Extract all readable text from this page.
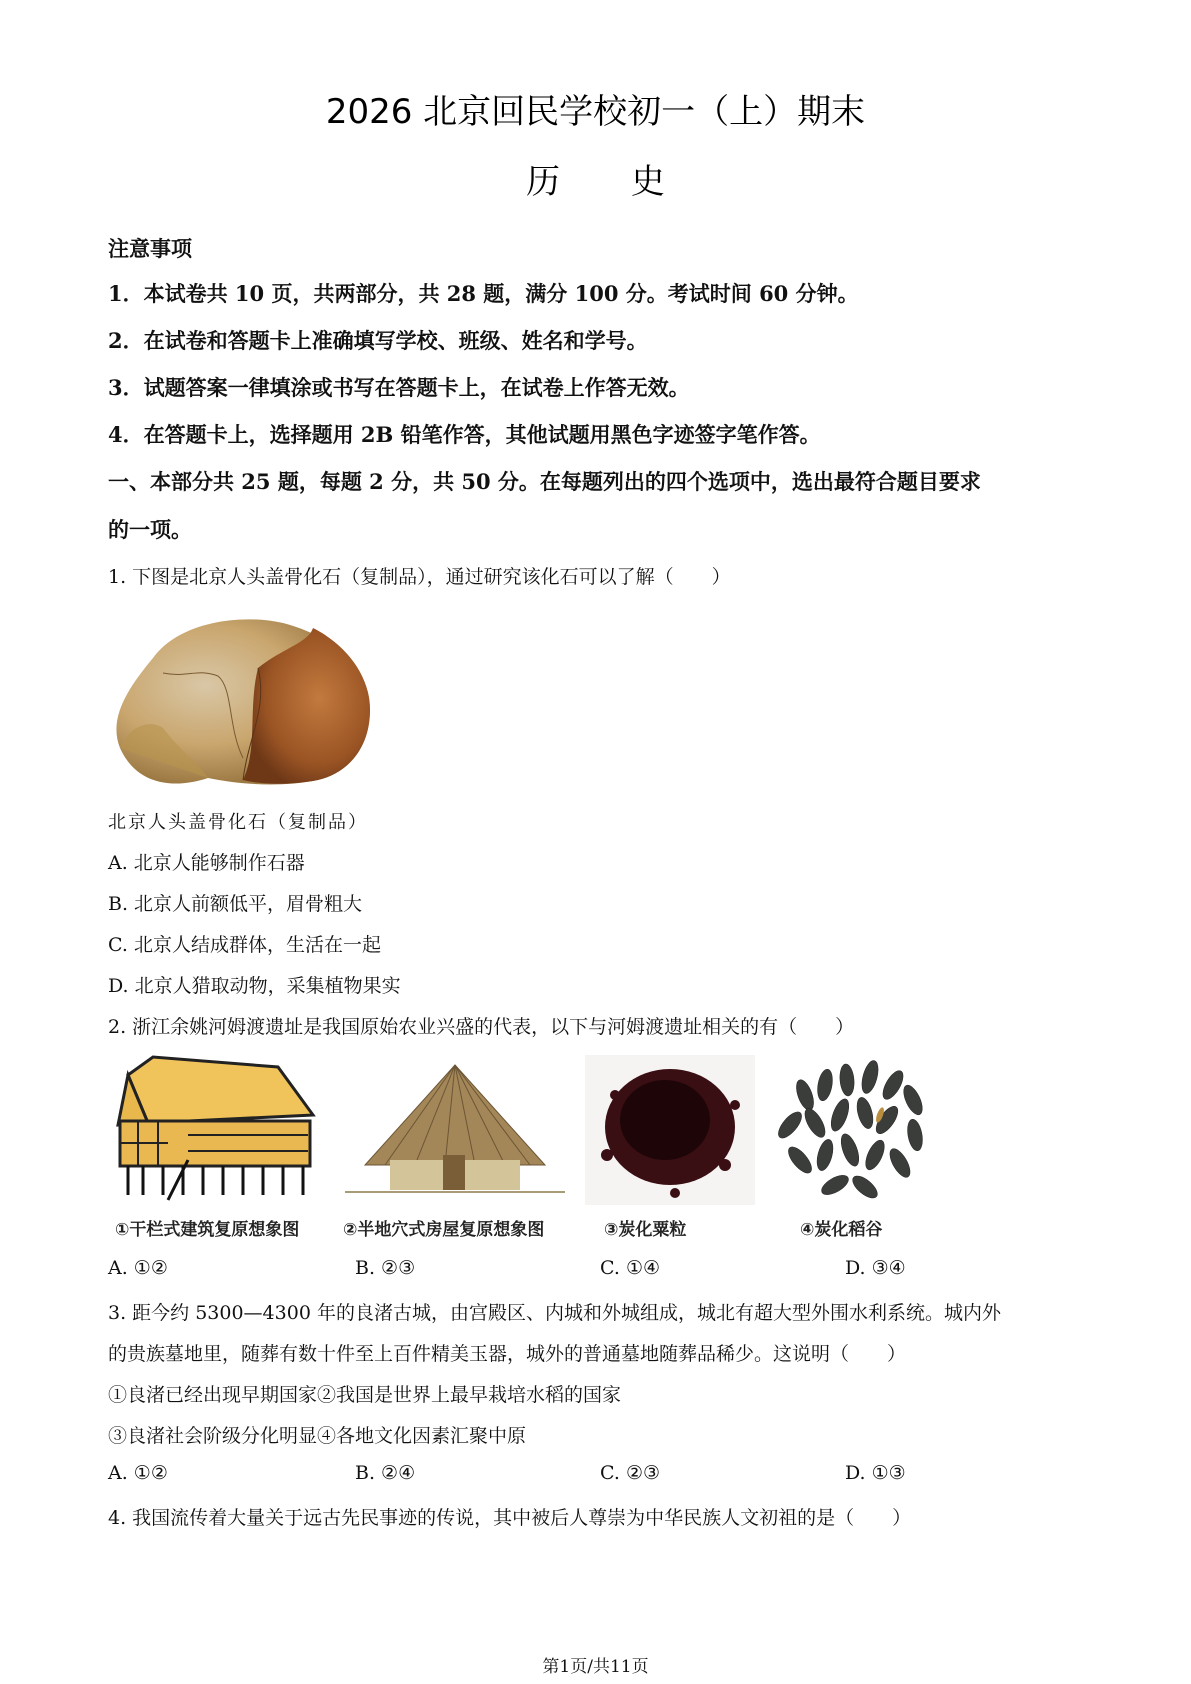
2026 北京回民学校初一（上）期末
历 史
注意事项
1．本试卷共 10 页，共两部分，共 28 题，满分 100 分。考试时间 60 分钟。
2．在试卷和答题卡上准确填写学校、班级、姓名和学号。
3．试题答案一律填涂或书写在答题卡上，在试卷上作答无效。
4．在答题卡上，选择题用 2B 铅笔作答，其他试题用黑色字迹签字笔作答。
一、本部分共 25 题，每题 2 分，共 50 分。在每题列出的四个选项中，选出最符合题目要求
的一项。
1. 下图是北京人头盖骨化石（复制品），通过研究该化石可以了解（　　）
北京人头盖骨化石（复制品）
A. 北京人能够制作石器
B. 北京人前额低平，眉骨粗大
C. 北京人结成群体，生活在一起
D. 北京人猎取动物，采集植物果实
2. 浙江余姚河姆渡遗址是我国原始农业兴盛的代表，以下与河姆渡遗址相关的有（　　）
①干栏式建筑复原想象图	②半地穴式房屋复原想象图	③炭化粟粒	④炭化稻谷
A. ①②	B. ②③	C. ①④	D. ③④
3. 距今约 5300—4300 年的良渚古城，由宫殿区、内城和外城组成，城北有超大型外围水利系统。城内外
的贵族墓地里，随葬有数十件至上百件精美玉器，城外的普通墓地随葬品稀少。这说明（　　）
①良渚已经出现早期国家②我国是世界上最早栽培水稻的国家
③良渚社会阶级分化明显④各地文化因素汇聚中原
A. ①②	B. ②④	C. ②③	D. ①③
4. 我国流传着大量关于远古先民事迹的传说，其中被后人尊崇为中华民族人文初祖的是（　　）
第1页/共11页
